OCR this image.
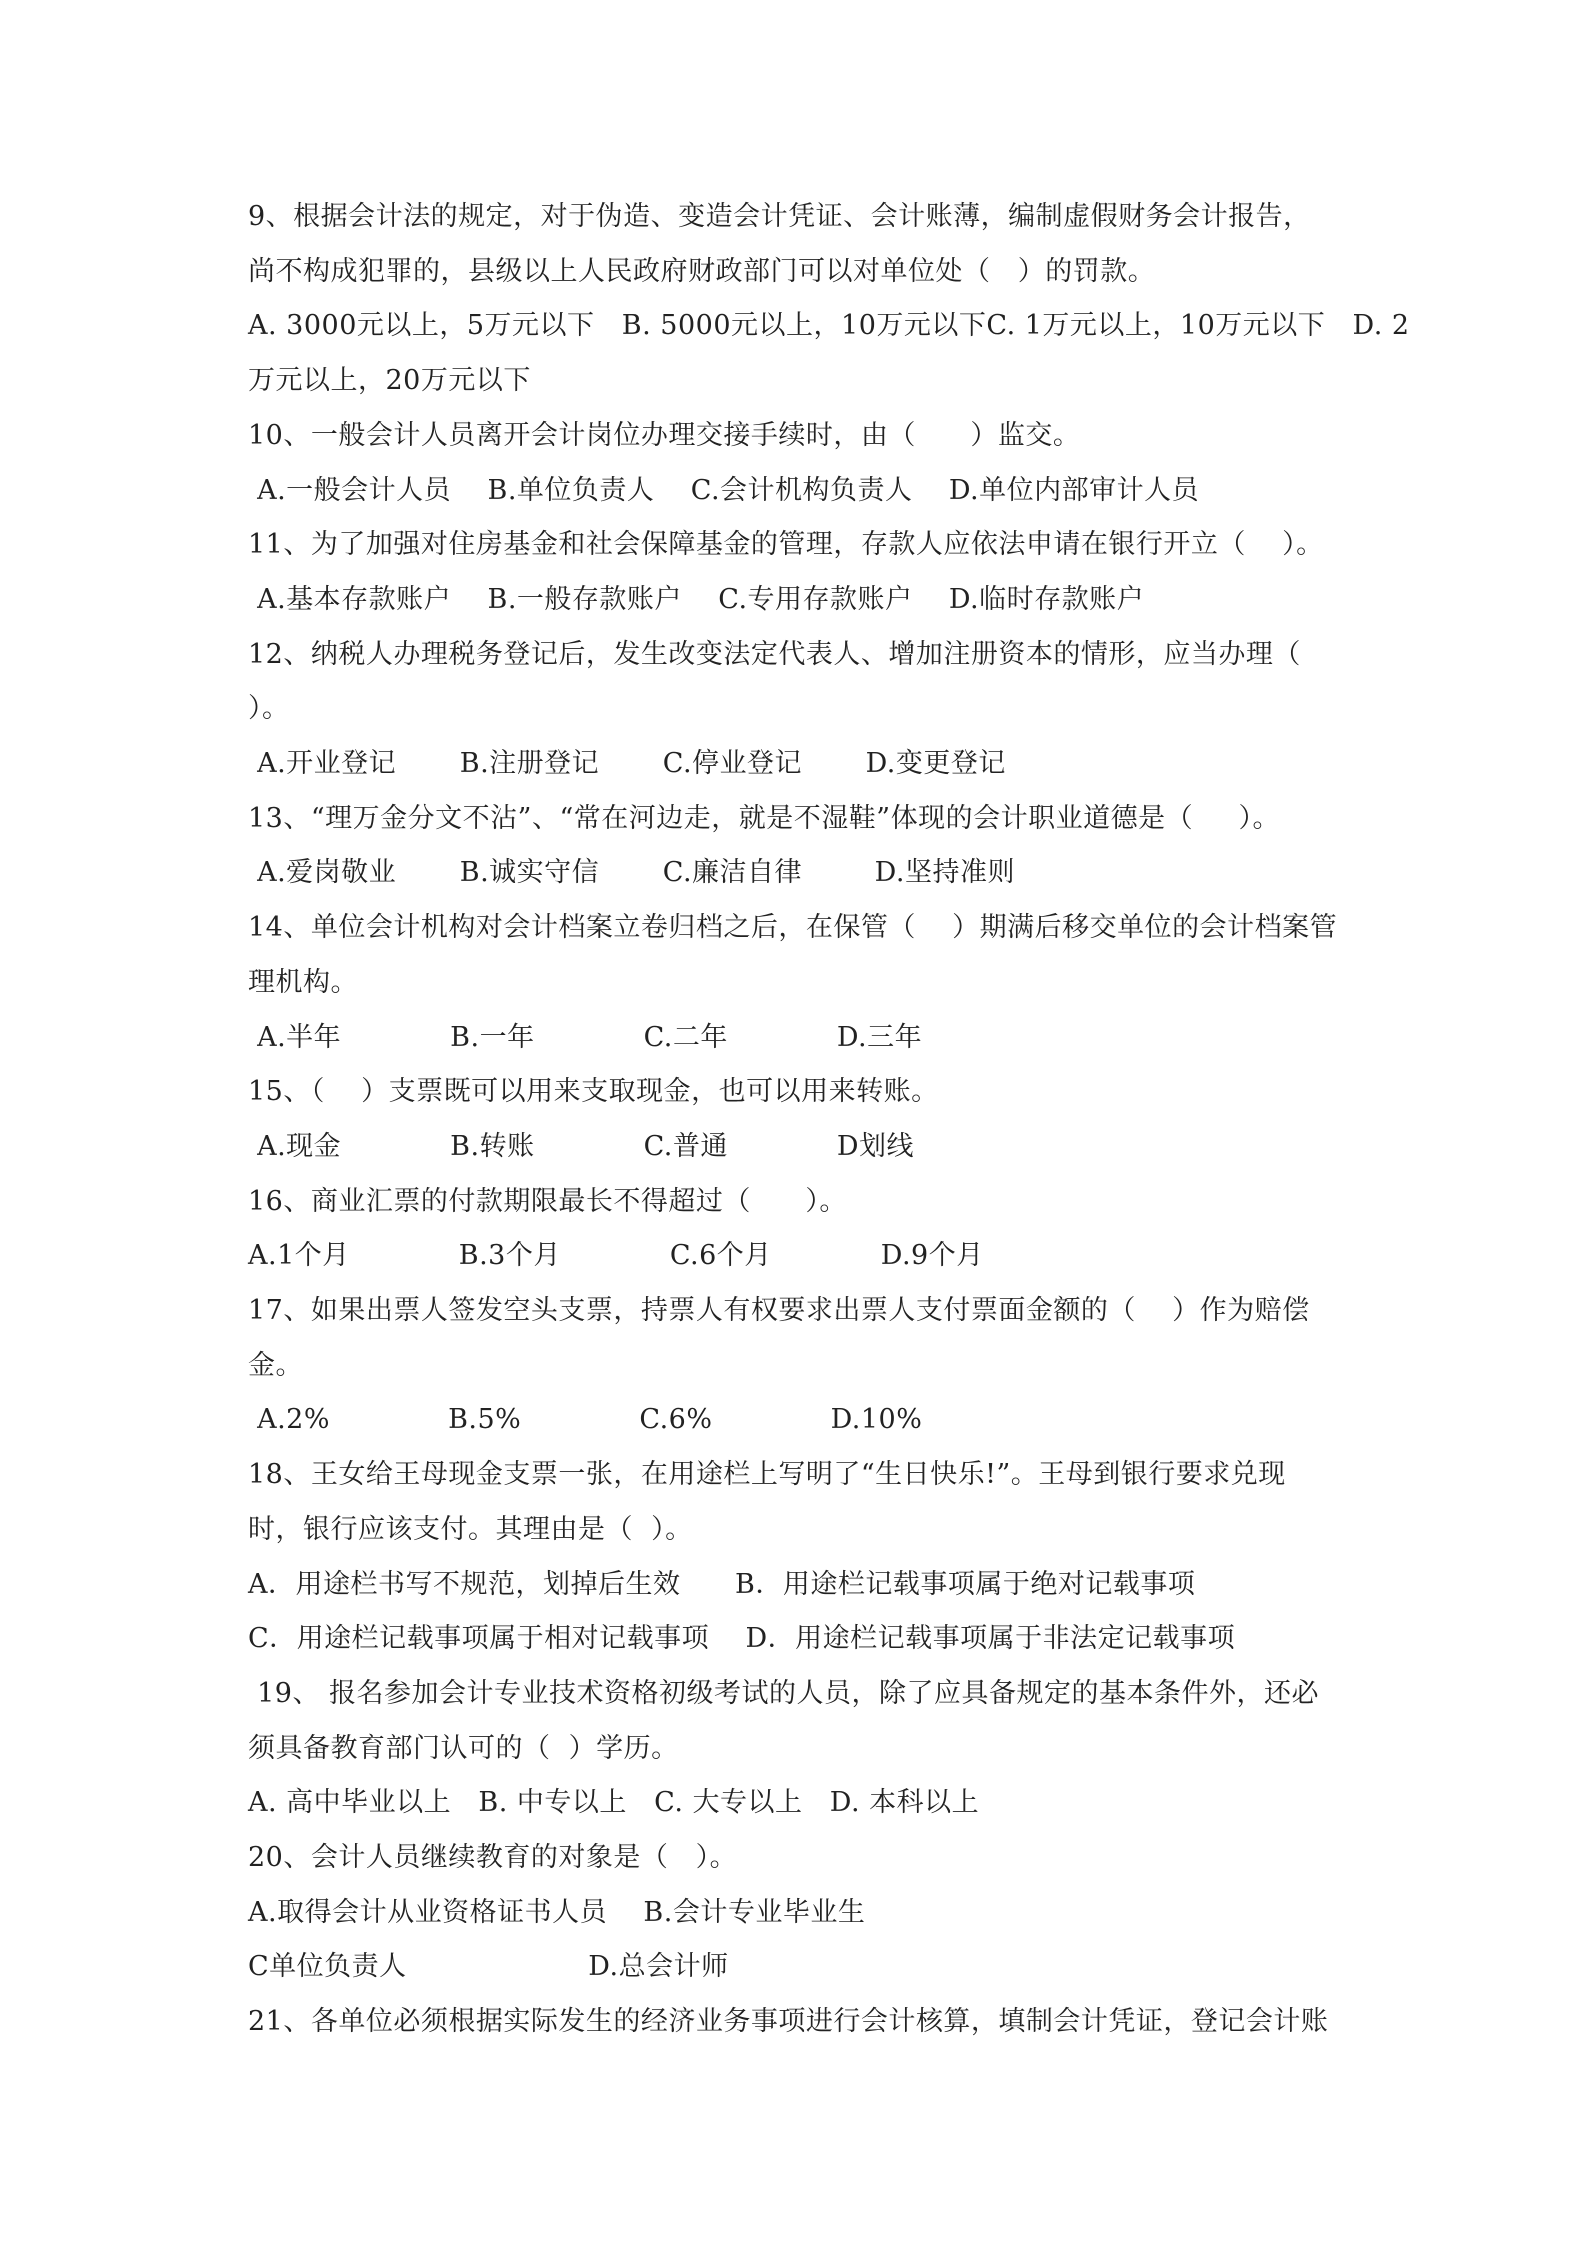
9、根据会计法的规定，对于伪造、变造会计凭证、会计账薄，编制虚假财务会计报告，
尚不构成犯罪的，县级以上人民政府财政部门可以对单位处（   ）的罚款。
A. 3000元以上，5万元以下   B. 5000元以上，10万元以下C. 1万元以上，10万元以下   D. 2
万元以上，20万元以下
10、一般会计人员离开会计岗位办理交接手续时，由（      ）监交。
A.一般会计人员    B.单位负责人    C.会计机构负责人    D.单位内部审计人员
11、为了加强对住房基金和社会保障基金的管理，存款人应依法申请在银行开立（    ）。
A.基本存款账户    B.一般存款账户    C.专用存款账户    D.临时存款账户
12、纳税人办理税务登记后，发生改变法定代表人、增加注册资本的情形，应当办理（
）。
A.开业登记       B.注册登记       C.停业登记       D.变更登记
13、“理万金分文不沾”、“常在河边走，就是不湿鞋”体现的会计职业道德是（     ）。
A.爱岗敬业       B.诚实守信       C.廉洁自律        D.坚持准则
14、单位会计机构对会计档案立卷归档之后，在保管（    ）期满后移交单位的会计档案管
理机构。
A.半年            B.一年            C.二年            D.三年
15、（    ）支票既可以用来支取现金，也可以用来转账。
A.现金            B.转账            C.普通            D划线
16、商业汇票的付款期限最长不得超过（      ）。
A.1个月            B.3个月            C.6个月            D.9个月
17、如果出票人签发空头支票，持票人有权要求出票人支付票面金额的（    ）作为赔偿
金。
A.2%             B.5%             C.6%             D.10%
18、王女给王母现金支票一张，在用途栏上写明了“生日快乐!”。王母到银行要求兑现
时，银行应该支付。其理由是（  ）。
A．用途栏书写不规范，划掉后生效      B．用途栏记载事项属于绝对记载事项
C．用途栏记载事项属于相对记载事项    D．用途栏记载事项属于非法定记载事项
19、 报名参加会计专业技术资格初级考试的人员，除了应具备规定的基本条件外，还必
须具备教育部门认可的（  ）学历。
A. 高中毕业以上   B. 中专以上   C. 大专以上   D. 本科以上
20、会计人员继续教育的对象是（   ）。
A.取得会计从业资格证书人员    B.会计专业毕业生
C单位负责人                    D.总会计师
21、各单位必须根据实际发生的经济业务事项进行会计核算，填制会计凭证，登记会计账
